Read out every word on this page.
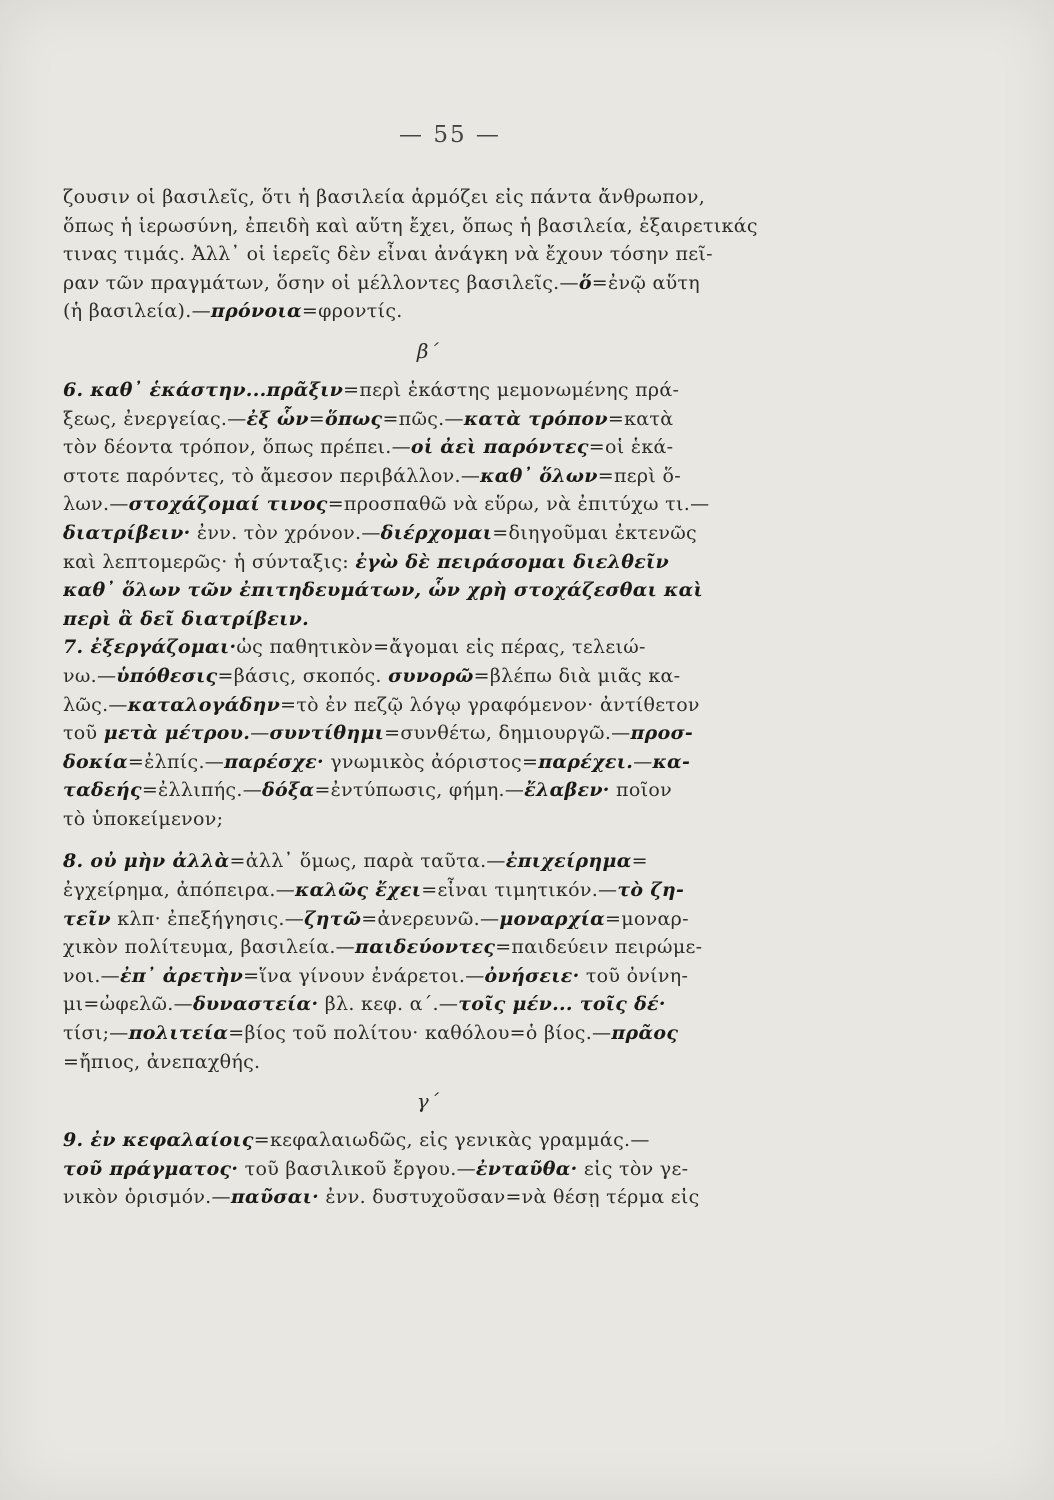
— 55 —
ζουσιν οἱ βασιλεῖς, ὅτι ἡ βασιλεία ἁρμόζει εἰς πάντα ἄνθρωπον,
ὅπως ἡ ἱερωσύνη, ἐπειδὴ καὶ αὕτη ἔχει, ὅπως ἡ βασιλεία, ἐξαιρετικάς
τινας τιμάς. Ἀλλ᾽ οἱ ἱερεῖς δὲν εἶναι ἀνάγκη νὰ ἔχουν τόσην πεῖ-
ραν τῶν πραγμάτων, ὅσην οἱ μέλλοντες βασιλεῖς.—ὅ=ἐνῷ αὕτη
(ἡ βασιλεία).—πρόνοια=φροντίς.
β΄
6. καθ᾽ ἑκάστην...πρᾶξιν=περὶ ἑκάστης μεμονωμένης πρά-
ξεως, ἐνεργείας.—ἐξ ὧν=ὅπως=πῶς.—κατὰ τρόπον=κατὰ
τὸν δέοντα τρόπον, ὅπως πρέπει.—οἱ ἀεὶ παρόντες=οἱ ἑκά-
στοτε παρόντες, τὸ ἄμεσον περιβάλλον.—καθ᾽ ὅλων=περὶ ὅ-
λων.—στοχάζομαί τινος=προσπαθῶ νὰ εὕρω, νὰ ἐπιτύχω τι.—
διατρίβειν· ἐνν. τὸν χρόνον.—διέρχομαι=διηγοῦμαι ἐκτενῶς
καὶ λεπτομερῶς· ἡ σύνταξις: ἐγὼ δὲ πειράσομαι διελθεῖν
καθ᾽ ὅλων τῶν ἐπιτηδευμάτων, ὧν χρὴ στοχάζεσθαι καὶ
περὶ ἃ δεῖ διατρίβειν.
7. ἐξεργάζομαι·ὡς παθητικὸν=ἄγομαι εἰς πέρας, τελειώ-
νω.—ὑπόθεσις=βάσις, σκοπός. συνορῶ=βλέπω διὰ μιᾶς κα-
λῶς.—καταλογάδην=τὸ ἐν πεζῷ λόγῳ γραφόμενον· ἀντίθετον
τοῦ μετὰ μέτρου.—συντίθημι=συνθέτω, δημιουργῶ.—προσ-
δοκία=ἐλπίς.—παρέσχε· γνωμικὸς ἀόριστος=παρέχει.—κα-
ταδεής=ἐλλιπής.—δόξα=ἐντύπωσις, φήμη.—ἔλαβεν· ποῖον
τὸ ὑποκείμενον;
8. οὐ μὴν ἀλλὰ=ἀλλ᾽ ὅμως, παρὰ ταῦτα.—ἐπιχείρημα=
ἐγχείρημα, ἀπόπειρα.—καλῶς ἔχει=εἶναι τιμητικόν.—τὸ ζη-
τεῖν κλπ· ἐπεξήγησις.—ζητῶ=ἀνερευνῶ.—μοναρχία=μοναρ-
χικὸν πολίτευμα, βασιλεία.—παιδεύοντες=παιδεύειν πειρώμε-
νοι.—ἐπ᾽ ἀρετὴν=ἵνα γίνουν ἐνάρετοι.—ὀνήσειε· τοῦ ὀνίνη-
μι=ὠφελῶ.—δυναστεία· βλ. κεφ. α΄.—τοῖς μέν... τοῖς δέ·
τίσι;—πολιτεία=βίος τοῦ πολίτου· καθόλου=ὁ βίος.—πρᾶος
=ἤπιος, ἀνεπαχθής.
γ΄
9. ἐν κεφαλαίοις=κεφαλαιωδῶς, εἰς γενικὰς γραμμάς.—
τοῦ πράγματος· τοῦ βασιλικοῦ ἔργου.—ἐνταῦθα· εἰς τὸν γε-
νικὸν ὁρισμόν.—παῦσαι· ἐνν. δυστυχοῦσαν=νὰ θέσῃ τέρμα εἰς
